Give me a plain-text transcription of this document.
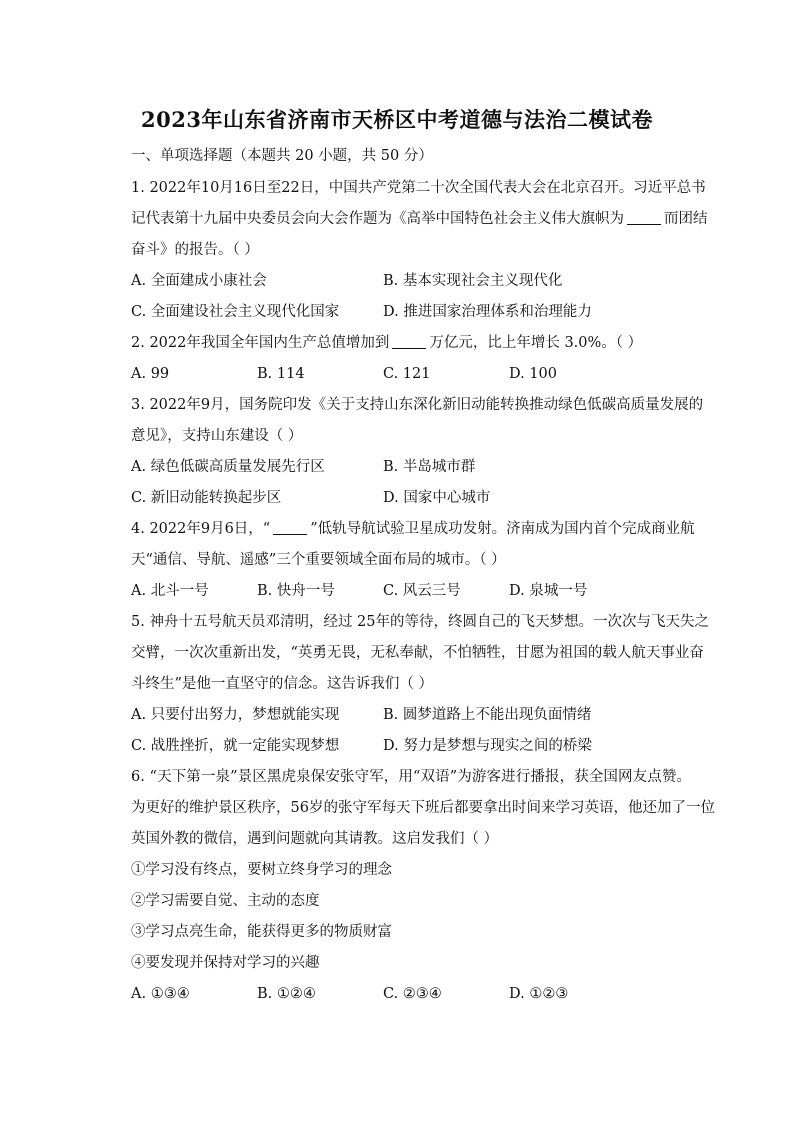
2023年山东省济南市天桥区中考道德与法治二模试卷
一、单项选择题（本题共 20 小题，共 50 分）
1. 2022年10月16日至22日，中国共产党第二十次全国代表大会在北京召开。习近平总书
记代表第十九届中央委员会向大会作题为《高举中国特色社会主义伟大旗帜为	而团结
奋斗》的报告。（ ）
A. 全面建成小康社会	B. 基本实现社会主义现代化
C. 全面建设社会主义现代化国家	D. 推进国家治理体系和治理能力
2. 2022年我国全年国内生产总值增加到	万亿元，比上年增长 3.0%。（ ）
A. 99	B. 114	C. 121	D. 100
3. 2022年9月，国务院印发《关于支持山东深化新旧动能转换推动绿色低碳高质量发展的
意见》，支持山东建设（ ）
A. 绿色低碳高质量发展先行区	B. 半岛城市群
C. 新旧动能转换起步区	D. 国家中心城市
4. 2022年9月6日，“	”低轨导航试验卫星成功发射。济南成为国内首个完成商业航
天“通信、导航、遥感”三个重要领域全面布局的城市。（ ）
A. 北斗一号	B. 快舟一号	C. 风云三号	D. 泉城一号
5. 神舟十五号航天员邓清明，经过 25年的等待，终圆自己的飞天梦想。一次次与飞天失之
交臂，一次次重新出发，“英勇无畏，无私奉献，不怕牺牲，甘愿为祖国的载人航天事业奋
斗终生”是他一直坚守的信念。这告诉我们（ ）
A. 只要付出努力，梦想就能实现	B. 圆梦道路上不能出现负面情绪
C. 战胜挫折，就一定能实现梦想	D. 努力是梦想与现实之间的桥梁
6. “天下第一泉”景区黑虎泉保安张守军，用“双语”为游客进行播报，获全国网友点赞。
为更好的维护景区秩序，56岁的张守军每天下班后都要拿出时间来学习英语，他还加了一位
英国外教的微信，遇到问题就向其请教。这启发我们（ ）
①学习没有终点，要树立终身学习的理念
②学习需要自觉、主动的态度
③学习点亮生命，能获得更多的物质财富
④要发现并保持对学习的兴趣
A. ①③④	B. ①②④	C. ②③④	D. ①②③
